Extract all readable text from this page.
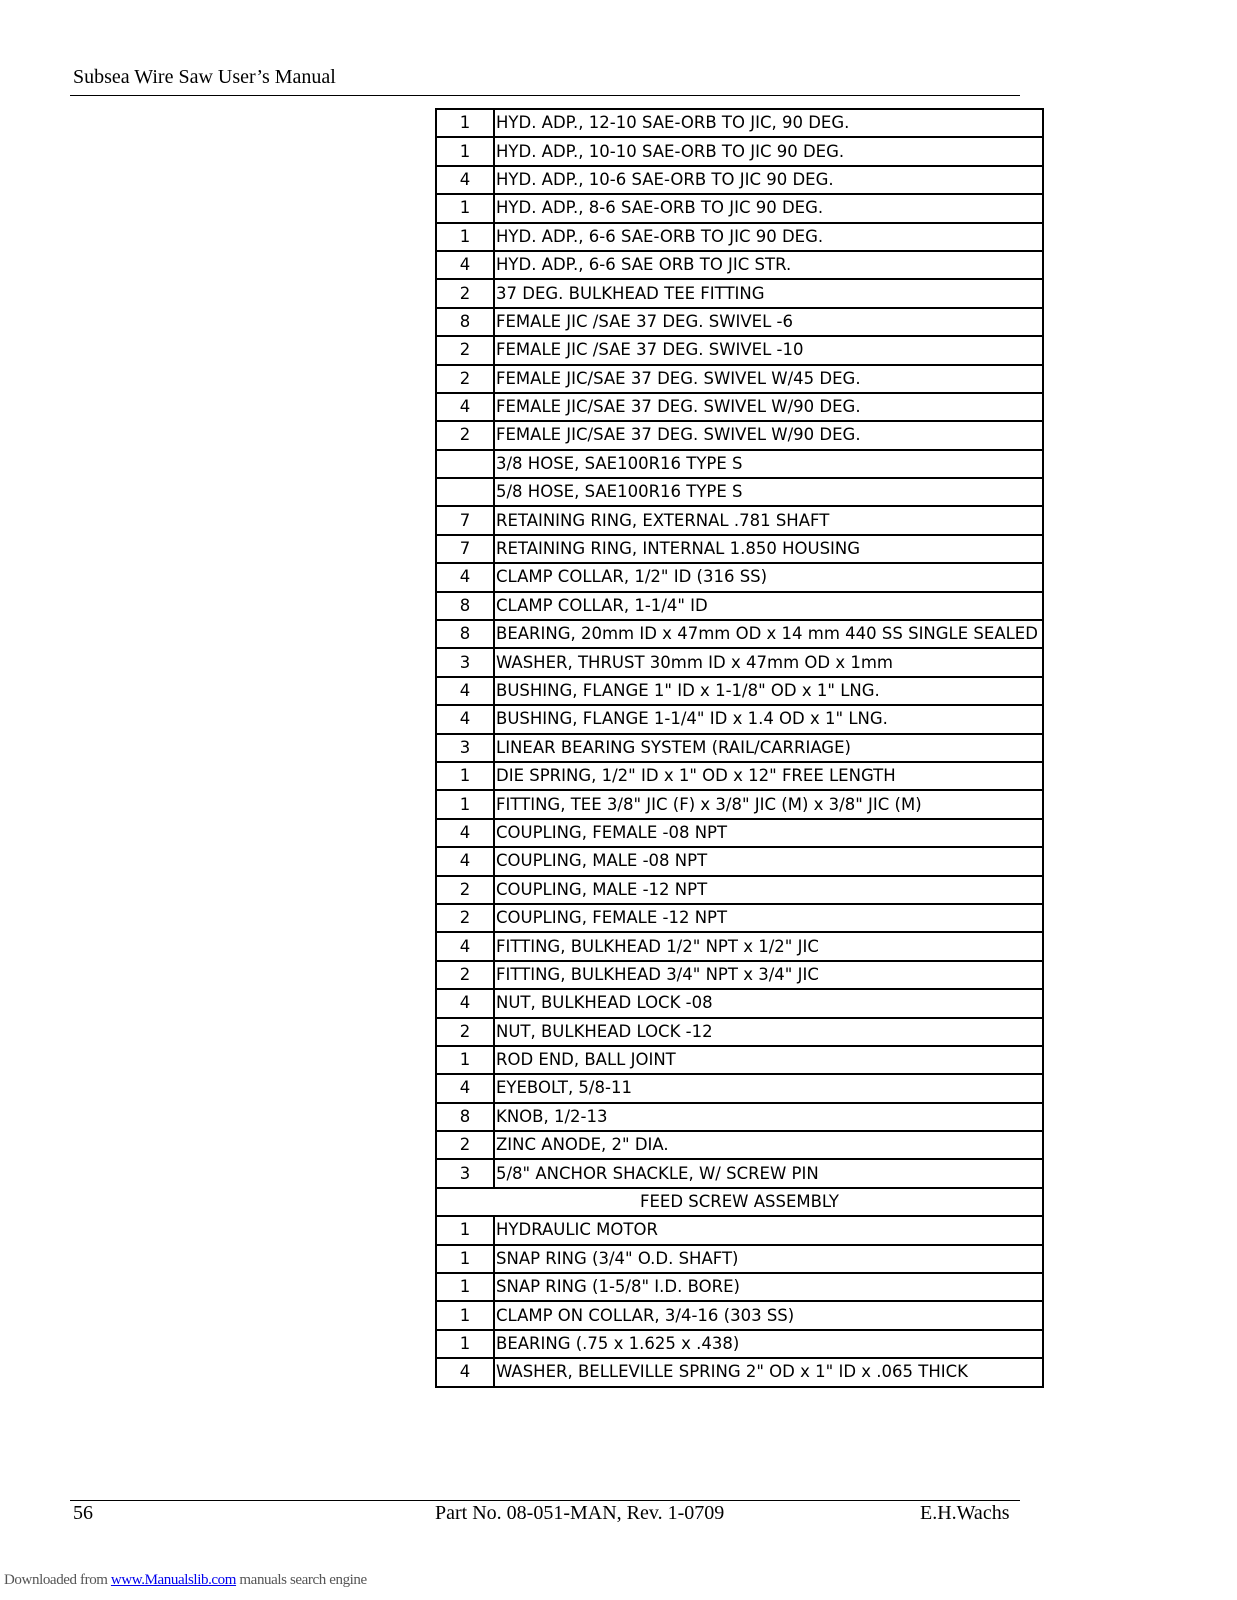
Subsea Wire Saw User’s Manual
1	HYD. ADP., 12-10 SAE-ORB TO JIC, 90 DEG.
1	HYD. ADP., 10-10 SAE-ORB TO JIC 90 DEG.
4	HYD. ADP., 10-6 SAE-ORB TO JIC 90 DEG.
1	HYD. ADP., 8-6 SAE-ORB TO JIC 90 DEG.
1	HYD. ADP., 6-6 SAE-ORB TO JIC 90 DEG.
4	HYD. ADP., 6-6 SAE ORB TO JIC STR.
2	37 DEG. BULKHEAD TEE FITTING
8	FEMALE JIC /SAE 37 DEG. SWIVEL -6
2	FEMALE JIC /SAE 37 DEG. SWIVEL -10
2	FEMALE JIC/SAE 37 DEG. SWIVEL W/45 DEG.
4	FEMALE JIC/SAE 37 DEG. SWIVEL W/90 DEG.
2	FEMALE JIC/SAE 37 DEG. SWIVEL W/90 DEG.
	3/8 HOSE, SAE100R16 TYPE S
	5/8 HOSE, SAE100R16 TYPE S
7	RETAINING RING, EXTERNAL .781 SHAFT
7	RETAINING RING, INTERNAL 1.850 HOUSING
4	CLAMP COLLAR, 1/2" ID (316 SS)
8	CLAMP COLLAR, 1-1/4" ID
8	BEARING, 20mm ID x 47mm OD x 14 mm 440 SS SINGLE SEALED
3	WASHER, THRUST 30mm ID x 47mm OD x 1mm
4	BUSHING, FLANGE 1" ID x 1-1/8" OD x 1" LNG.
4	BUSHING, FLANGE 1-1/4" ID x 1.4 OD x 1" LNG.
3	LINEAR BEARING SYSTEM (RAIL/CARRIAGE)
1	DIE SPRING, 1/2" ID x 1" OD x 12" FREE LENGTH
1	FITTING, TEE 3/8" JIC (F) x 3/8" JIC (M) x 3/8" JIC (M)
4	COUPLING, FEMALE -08 NPT
4	COUPLING, MALE -08 NPT
2	COUPLING, MALE -12 NPT
2	COUPLING, FEMALE -12 NPT
4	FITTING, BULKHEAD 1/2" NPT x 1/2" JIC
2	FITTING, BULKHEAD 3/4" NPT x 3/4" JIC
4	NUT, BULKHEAD LOCK -08
2	NUT, BULKHEAD LOCK -12
1	ROD END, BALL JOINT
4	EYEBOLT, 5/8-11
8	KNOB, 1/2-13
2	ZINC ANODE, 2" DIA.
3	5/8" ANCHOR SHACKLE, W/ SCREW PIN
FEED SCREW ASSEMBLY	
1	HYDRAULIC MOTOR
1	SNAP RING (3/4" O.D. SHAFT)
1	SNAP RING (1-5/8" I.D. BORE)
1	CLAMP ON COLLAR, 3/4-16 (303 SS)
1	BEARING (.75 x 1.625 x .438)
4	WASHER, BELLEVILLE SPRING 2" OD x 1" ID x .065 THICK
56	Part No. 08-051-MAN, Rev. 1-0709	E.H.Wachs
Downloaded from www.Manualslib.com manuals search engine
